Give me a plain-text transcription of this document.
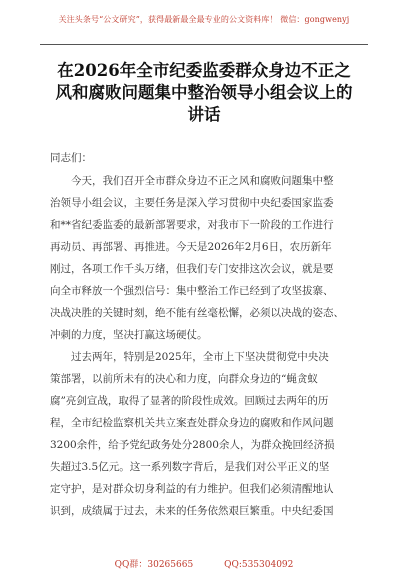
关注头条号“公文研究”，获得最新最全最专业的公文资料库！ 微信：gongwenyj
在2026年全市纪委监委群众身边不正之
风和腐败问题集中整治领导小组会议上的
讲话
同志们：

今天，我们召开全市群众身边不正之风和腐败问题集中整
治领导小组会议，主要任务是深入学习贯彻中央纪委国家监委
和**省纪委监委的最新部署要求，对我市下一阶段的工作进行
再动员、再部署、再推进。今天是2026年2月6日，农历新年
刚过，各项工作千头万绪，但我们专门安排这次会议，就是要
向全市释放一个强烈信号：集中整治工作已经到了攻坚拔寨、
决战决胜的关键时刻，绝不能有丝毫松懈，必须以决战的姿态、
冲刺的力度，坚决打赢这场硬仗。

过去两年，特别是2025年，全市上下坚决贯彻党中央决
策部署，以前所未有的决心和力度，向群众身边的“蝇贪蚁
腐”亮剑宣战，取得了显著的阶段性成效。回顾过去两年的历
程，全市纪检监察机关共立案查处群众身边的腐败和作风问题
3200余件，给予党纪政务处分2800余人，为群众挽回经济损
失超过3.5亿元。这一系列数字背后，是我们对公平正义的坚
定守护，是对群众切身利益的有力维护。但我们必须清醒地认
识到，成绩属于过去，未来的任务依然艰巨繁重。中央纪委国

QQ群：30265665	QQ:535304092
